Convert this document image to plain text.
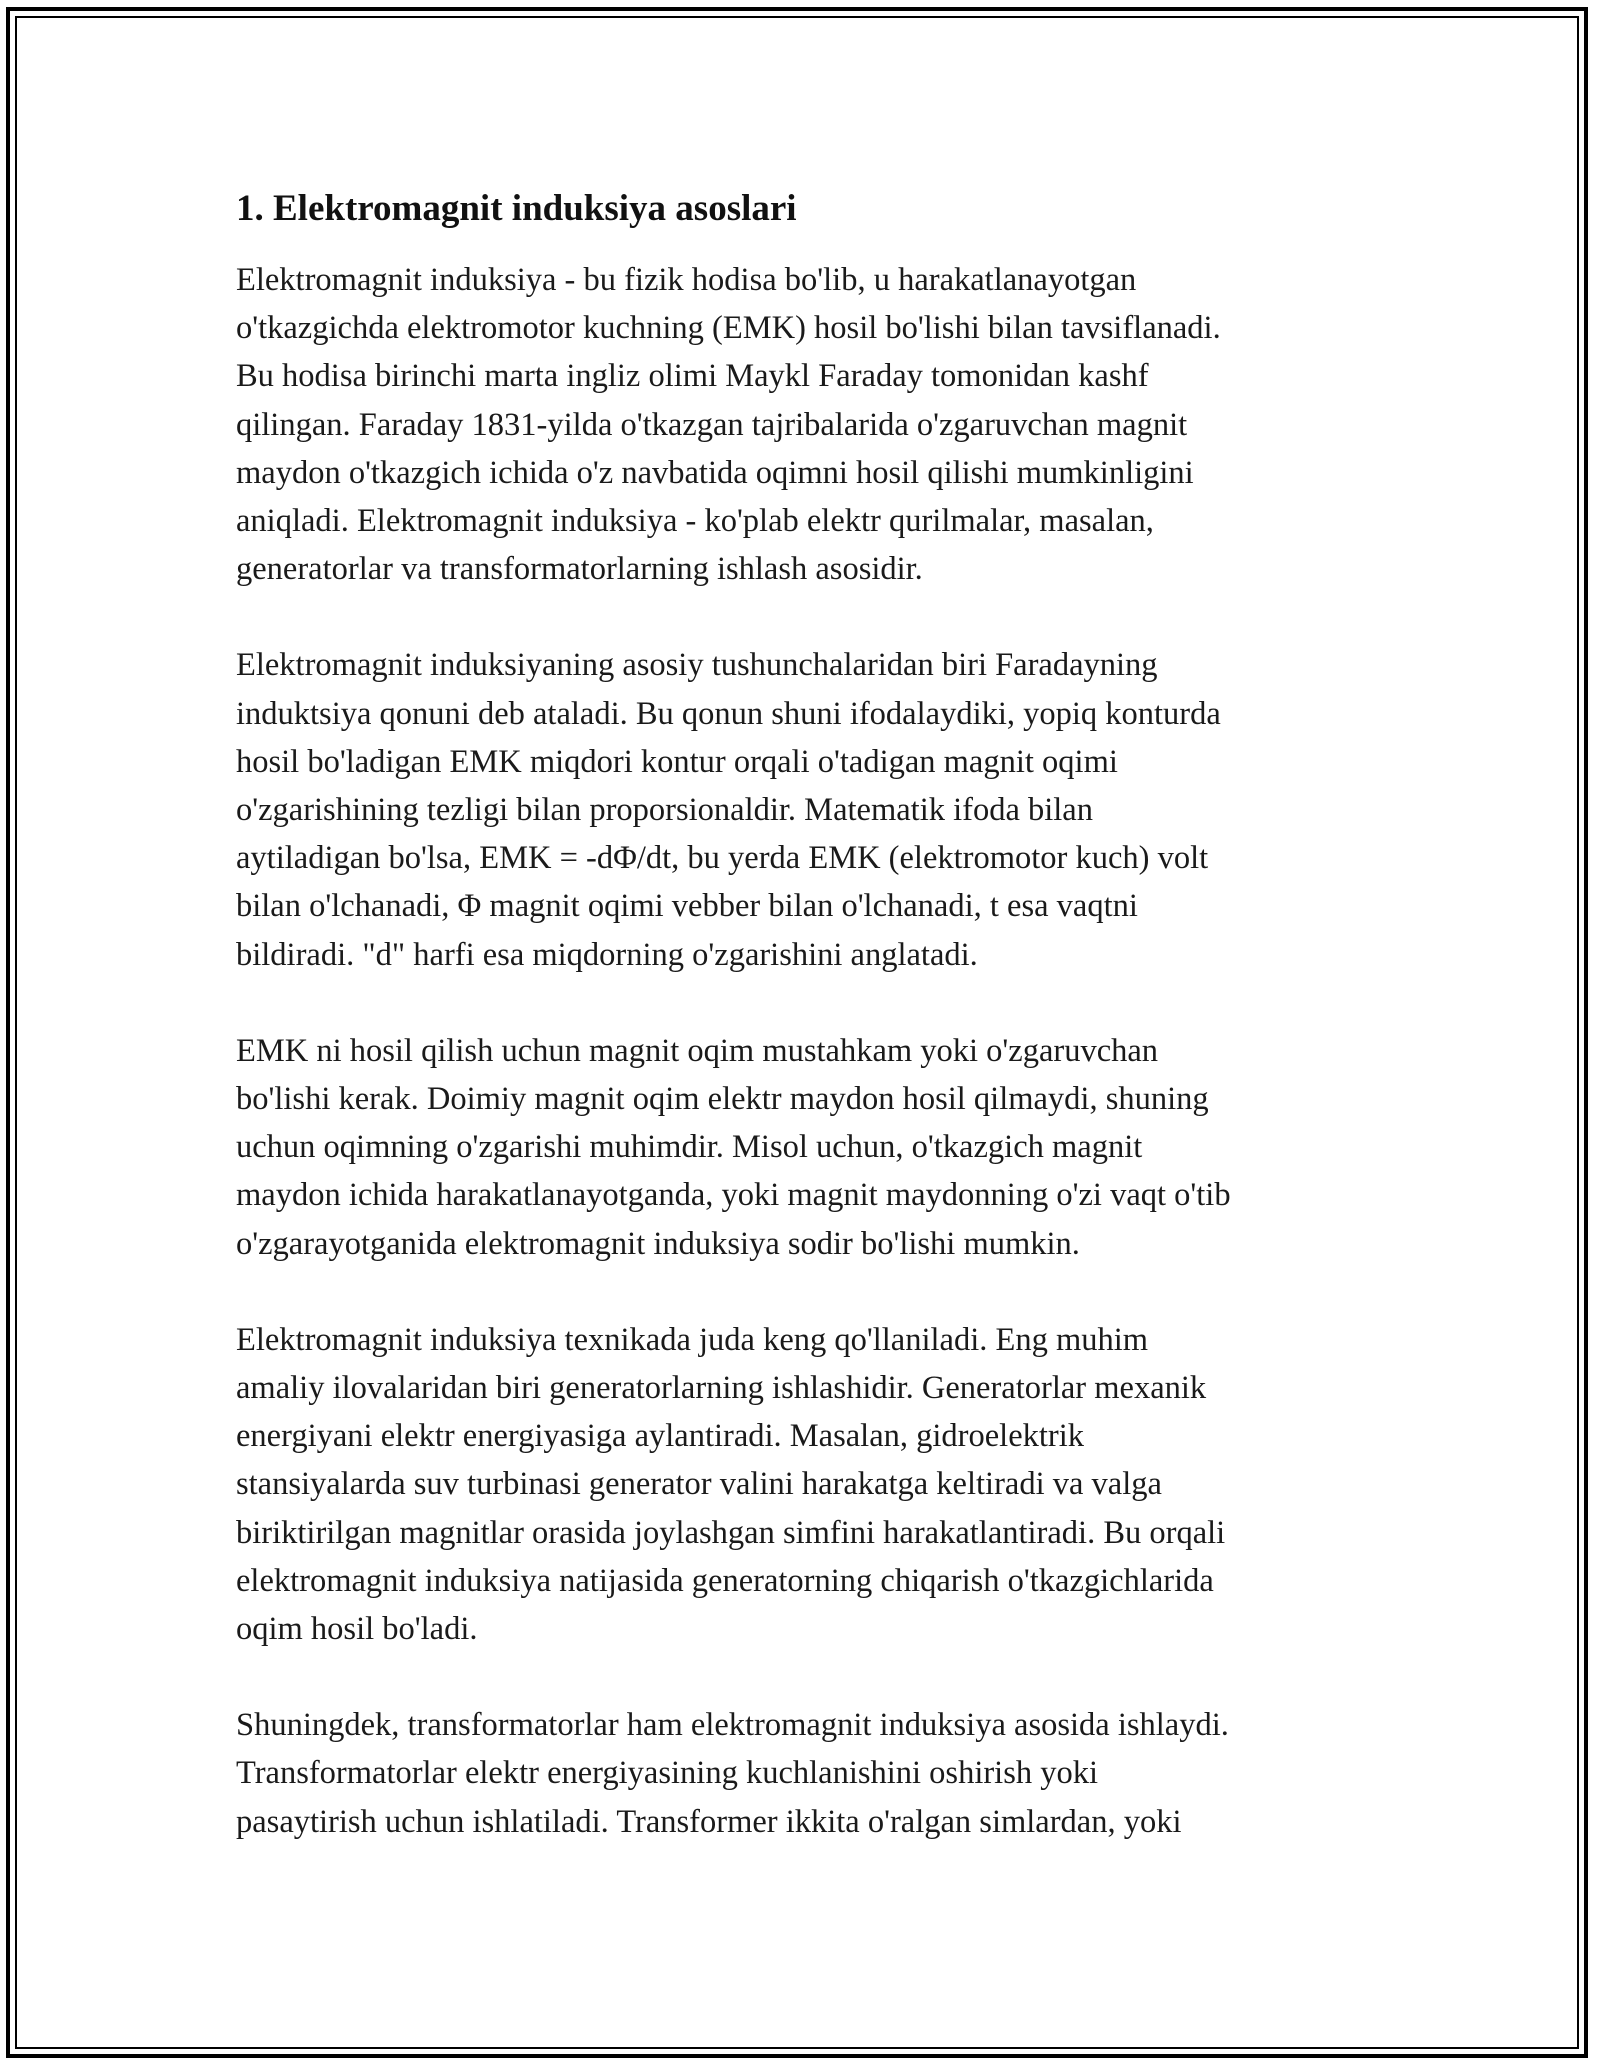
1. Elektromagnit induksiya asoslari

Elektromagnit induksiya - bu fizik hodisa bo'lib, u harakatlanayotgan
o'tkazgichda elektromotor kuchning (EMK) hosil bo'lishi bilan tavsiflanadi.
Bu hodisa birinchi marta ingliz olimi Maykl Faraday tomonidan kashf
qilingan. Faraday 1831-yilda o'tkazgan tajribalarida o'zgaruvchan magnit
maydon o'tkazgich ichida o'z navbatida oqimni hosil qilishi mumkinligini
aniqladi. Elektromagnit induksiya - ko'plab elektr qurilmalar, masalan,
generatorlar va transformatorlarning ishlash asosidir.

Elektromagnit induksiyaning asosiy tushunchalaridan biri Faradayning
induktsiya qonuni deb ataladi. Bu qonun shuni ifodalaydiki, yopiq konturda
hosil bo'ladigan EMK miqdori kontur orqali o'tadigan magnit oqimi
o'zgarishining tezligi bilan proporsionaldir. Matematik ifoda bilan
aytiladigan bo'lsa, EMK = -dΦ/dt, bu yerda EMK (elektromotor kuch) volt
bilan o'lchanadi, Φ magnit oqimi vebber bilan o'lchanadi, t esa vaqtni
bildiradi. "d" harfi esa miqdorning o'zgarishini anglatadi.

EMK ni hosil qilish uchun magnit oqim mustahkam yoki o'zgaruvchan
bo'lishi kerak. Doimiy magnit oqim elektr maydon hosil qilmaydi, shuning
uchun oqimning o'zgarishi muhimdir. Misol uchun, o'tkazgich magnit
maydon ichida harakatlanayotganda, yoki magnit maydonning o'zi vaqt o'tib
o'zgarayotganida elektromagnit induksiya sodir bo'lishi mumkin.

Elektromagnit induksiya texnikada juda keng qo'llaniladi. Eng muhim
amaliy ilovalaridan biri generatorlarning ishlashidir. Generatorlar mexanik
energiyani elektr energiyasiga aylantiradi. Masalan, gidroelektrik
stansiyalarda suv turbinasi generator valini harakatga keltiradi va valga
biriktirilgan magnitlar orasida joylashgan simfini harakatlantiradi. Bu orqali
elektromagnit induksiya natijasida generatorning chiqarish o'tkazgichlarida
oqim hosil bo'ladi.

Shuningdek, transformatorlar ham elektromagnit induksiya asosida ishlaydi.
Transformatorlar elektr energiyasining kuchlanishini oshirish yoki
pasaytirish uchun ishlatiladi. Transformer ikkita o'ralgan simlardan, yoki
